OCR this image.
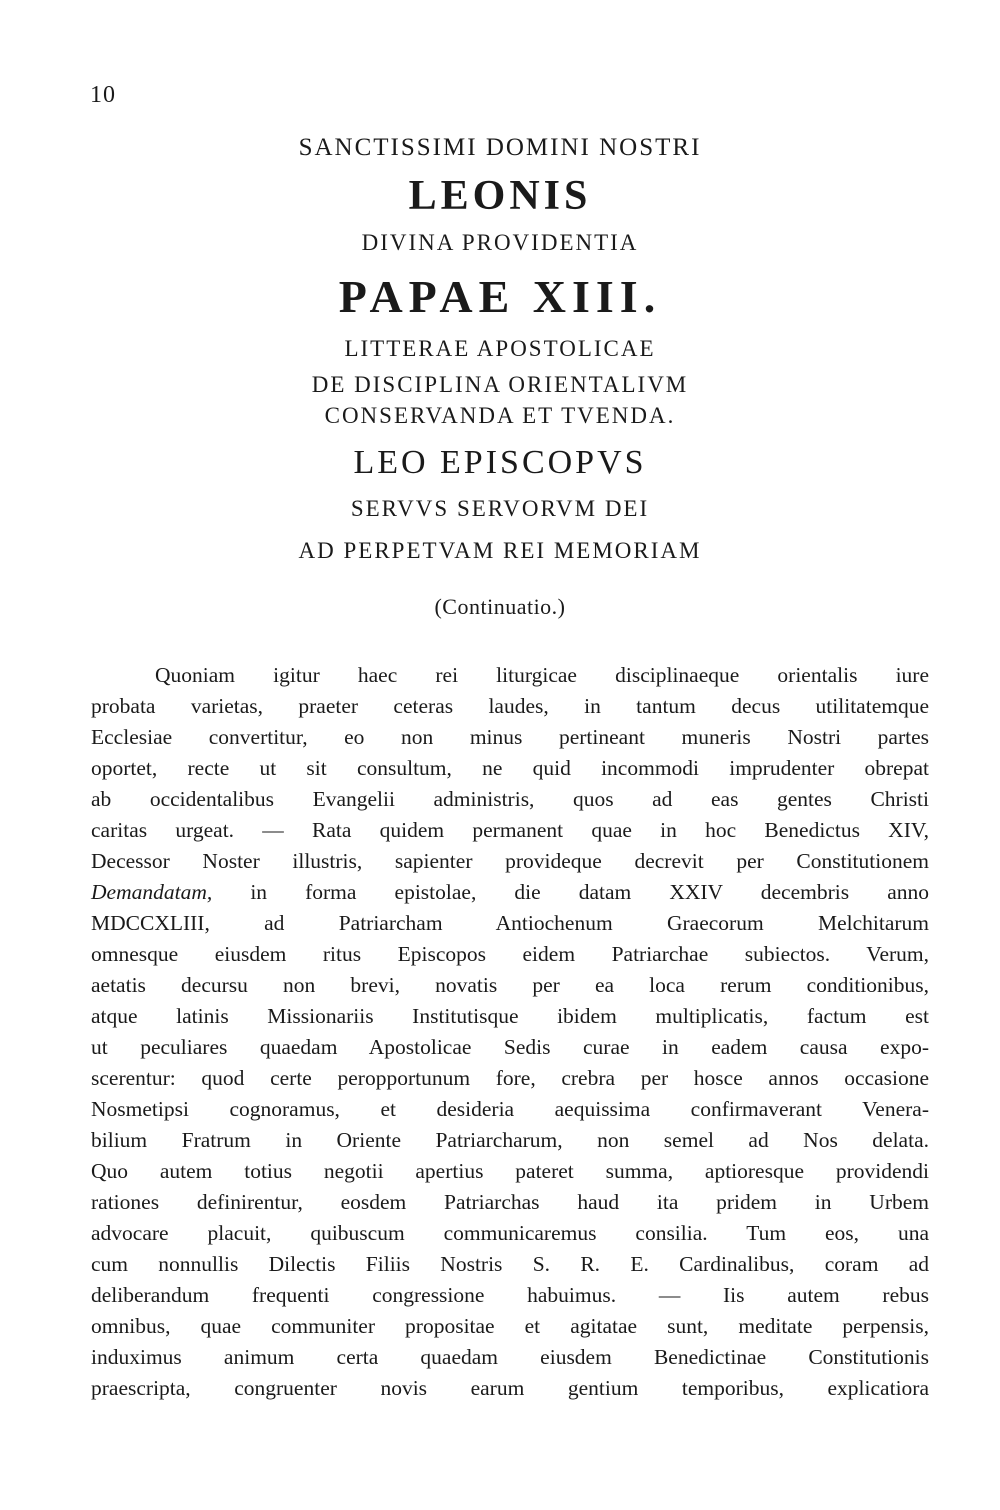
10
SANCTISSIMI DOMINI NOSTRI
LEONIS
DIVINA PROVIDENTIA
PAPAE XIII.
LITTERAE APOSTOLICAE
DE DISCIPLINA ORIENTALIVM
CONSERVANDA ET TVENDA.
LEO EPISCOPVS
SERVVS SERVORVM DEI
AD PERPETVAM REI MEMORIAM
(Continuatio.)
Quoniam igitur haec rei liturgicae disciplinaeque orientalis iure
probata varietas, praeter ceteras laudes, in tantum decus utilitatemque
Ecclesiae convertitur, eo non minus pertineant muneris Nostri partes
oportet, recte ut sit consultum, ne quid incommodi imprudenter obrepat
ab occidentalibus Evangelii administris, quos ad eas gentes Christi
caritas urgeat. — Rata quidem permanent quae in hoc Benedictus XIV,
Decessor Noster illustris, sapienter provideque decrevit per Constitutionem
Demandatam, in forma epistolae, die datam XXIV decembris anno
MDCCXLIII, ad Patriarcham Antiochenum Graecorum Melchitarum
omnesque eiusdem ritus Episcopos eidem Patriarchae subiectos. Verum,
aetatis decursu non brevi, novatis per ea loca rerum conditionibus,
atque latinis Missionariis Institutisque ibidem multiplicatis, factum est
ut peculiares quaedam Apostolicae Sedis curae in eadem causa expo-
scerentur: quod certe peropportunum fore, crebra per hosce annos occasione
Nosmetipsi cognoramus, et desideria aequissima confirmaverant Venera-
bilium Fratrum in Oriente Patriarcharum, non semel ad Nos delata.
Quo autem totius negotii apertius pateret summa, aptioresque providendi
rationes definirentur, eosdem Patriarchas haud ita pridem in Urbem
advocare placuit, quibuscum communicaremus consilia. Tum eos, una
cum nonnullis Dilectis Filiis Nostris S. R. E. Cardinalibus, coram ad
deliberandum frequenti congressione habuimus. — Iis autem rebus
omnibus, quae communiter propositae et agitatae sunt, meditate perpensis,
induximus animum certa quaedam eiusdem Benedictinae Constitutionis
praescripta, congruenter novis earum gentium temporibus, explicatiora
